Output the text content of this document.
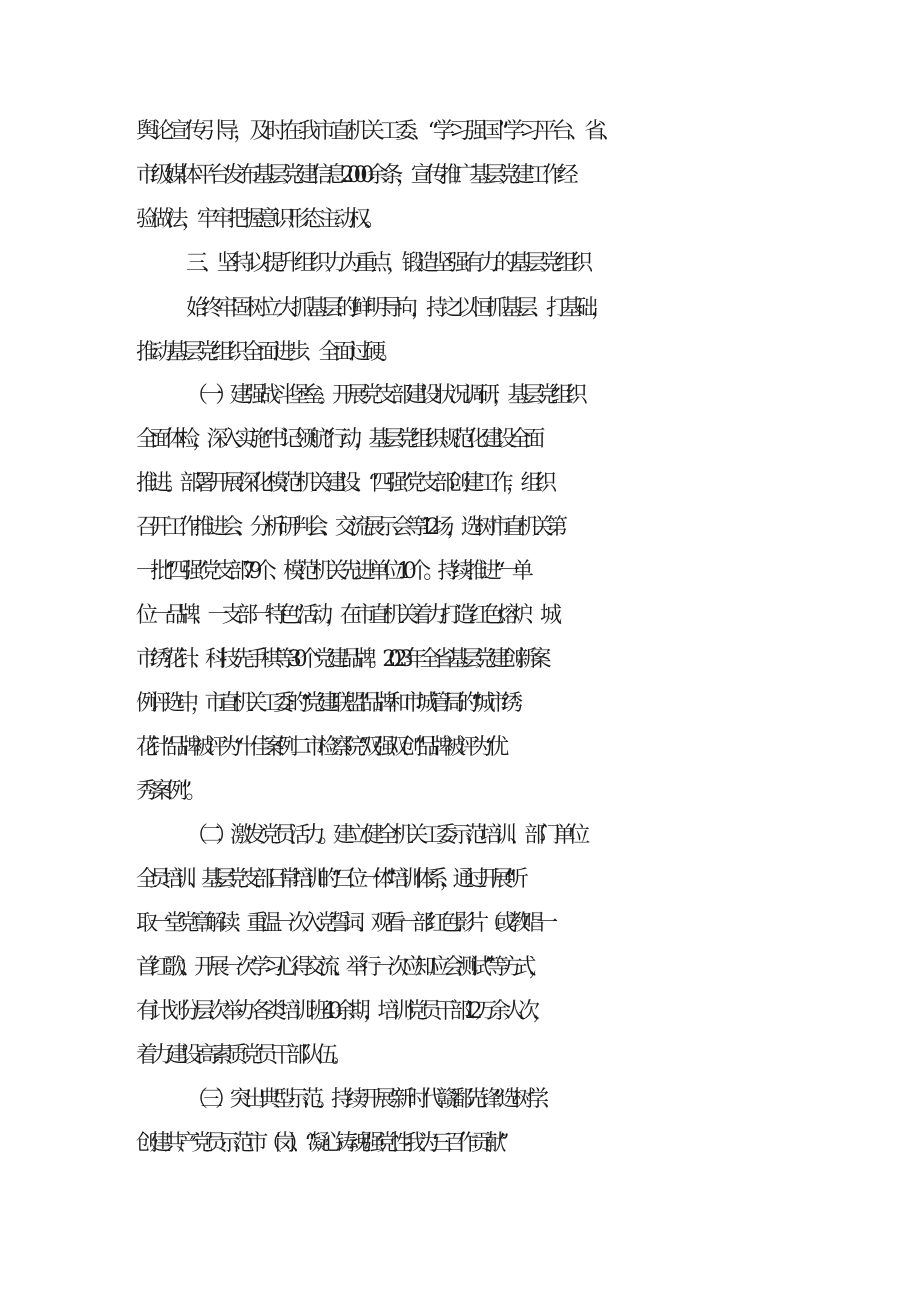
舆论宣传引导，及时在我市直机关工委、“学习强国”学习平台、省、
市级媒体平台发布基层党建信息2000余条，宣传推广基层党建工作经
验做法，牢牢把握意识形态主动权。
三、坚持以提升组织力为重点，锻造坚强有力的基层党组织
始终牢固树立大抓基层的鲜明导向，持之以恒抓基层、打基础，
推动基层党组织全面进步、全面过硬。
（一）建强战斗堡垒。开展党支部建设状况调研，基层党组织
全面体检，深入实施“书记领航”行动，基层党组织规范化建设全面
推进。部署开展深化模范机关建设、“四强”党支部创建工作，组织
召开工作推进会、分析研判会、交流展示会等12场，选树市直机关第
一批“四强”党支部79个、模范机关先进单位10个。持续推进“一单
位一品牌、一支部一特色”活动，在市直机关着力打造红色熔炉、城
市绣花针、科技先手棋等30个党建品牌。2023年全省基层党建创新案
例评选中，市直机关工委的“党建联盟”品牌和市城管局的“城市绣
花针”品牌被评为“十佳案例二市检察院“双强双创”品牌被评为“优
秀案例”。
（二）激发党员活力。建立健全机关工委示范培训、部门单位
全员培训、基层党支部日常培训的“三位一体”培训体系，通过开展“听
取一堂党章解读、重温一次入党誓词、观看一部红色影片（或教唱一
首红歌）、开展一次学习心得交流、举行一次应知应会测试”等方式，
有计划分层次举办各类培训班40余期，培训党员干部1.2万余人次，
着力建设高素质党员干部队伍。
（三）突出典型示范。持续开展“新时代赣鄱先锋”选树学、
创建共产党员示范市（岗）、“凝心铸魂强党性我为‘三百’作贡献”
